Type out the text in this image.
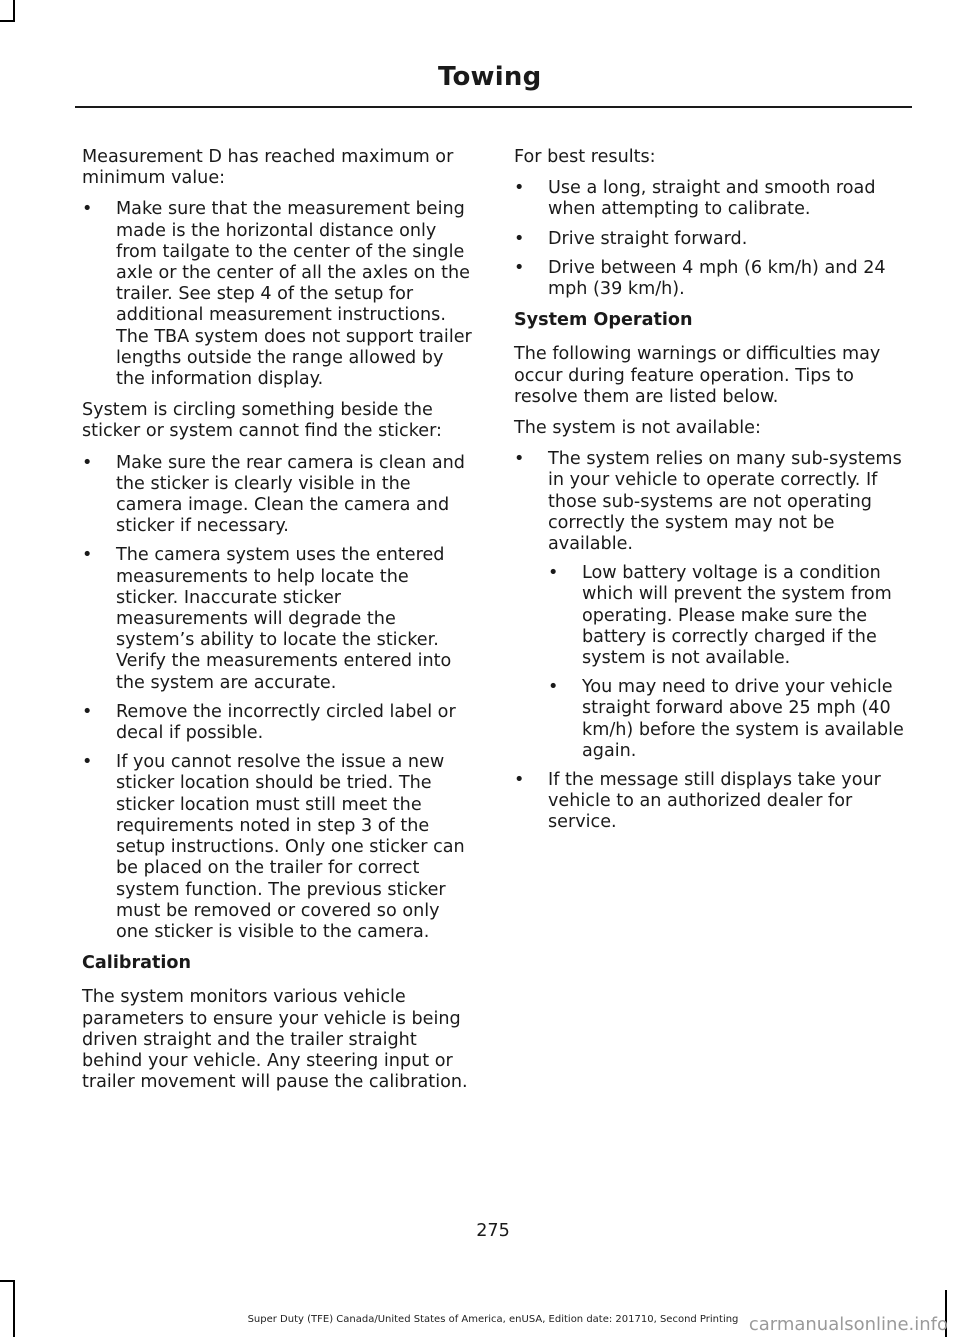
Towing

Measurement D has reached maximum or minimum value:

• Make sure that the measurement being made is the horizontal distance only from tailgate to the center of the single axle or the center of all the axles on the trailer. See step 4 of the setup for additional measurement instructions. The TBA system does not support trailer lengths outside the range allowed by the information display.

System is circling something beside the sticker or system cannot find the sticker:

• Make sure the rear camera is clean and the sticker is clearly visible in the camera image. Clean the camera and sticker if necessary.
• The camera system uses the entered measurements to help locate the sticker. Inaccurate sticker measurements will degrade the system’s ability to locate the sticker. Verify the measurements entered into the system are accurate.
• Remove the incorrectly circled label or decal if possible.
• If you cannot resolve the issue a new sticker location should be tried. The sticker location must still meet the requirements noted in step 3 of the setup instructions. Only one sticker can be placed on the trailer for correct system function. The previous sticker must be removed or covered so only one sticker is visible to the camera.
Calibration

The system monitors various vehicle parameters to ensure your vehicle is being driven straight and the trailer straight behind your vehicle. Any steering input or trailer movement will pause the calibration.

For best results:

• Use a long, straight and smooth road when attempting to calibrate.
• Drive straight forward.
• Drive between 4 mph (6 km/h) and 24 mph (39 km/h).
System Operation

The following warnings or difficulties may occur during feature operation. Tips to resolve them are listed below.

The system is not available:

• The system relies on many sub-systems in your vehicle to operate correctly. If those sub-systems are not operating correctly the system may not be available.
• Low battery voltage is a condition which will prevent the system from operating. Please make sure the battery is correctly charged if the system is not available.
• You may need to drive your vehicle straight forward above 25 mph (40 km/h) before the system is available again.
• If the message still displays take your vehicle to an authorized dealer for service.
275
Super Duty (TFE) Canada/United States of America, enUSA, Edition date: 201710, Second Printing carmanualsonline.info
